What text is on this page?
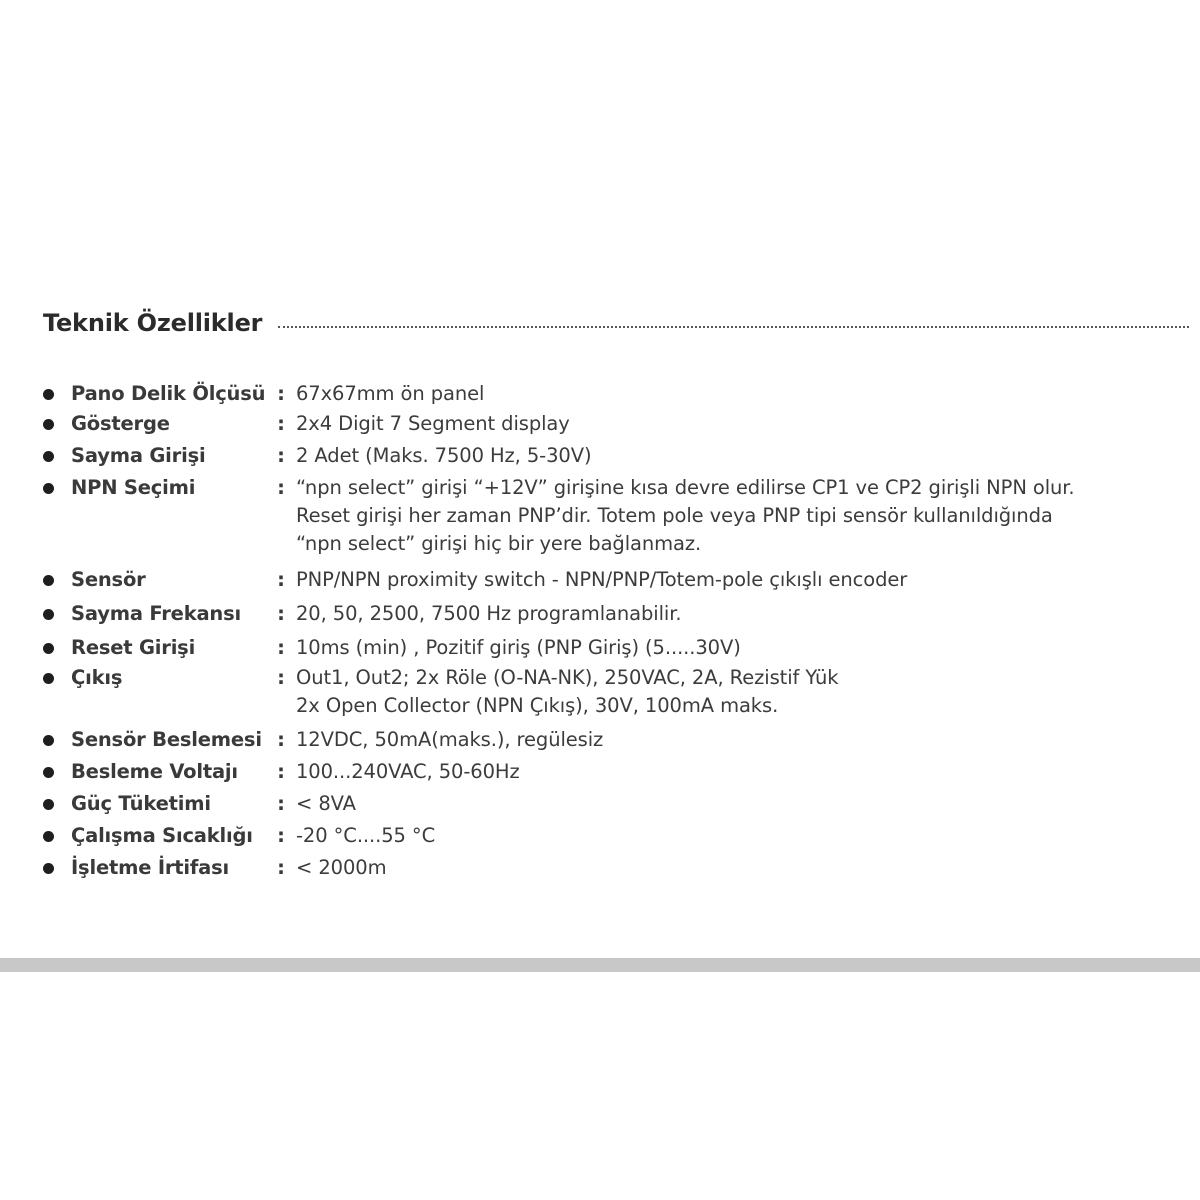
Teknik Özellikler
Pano Delik Ölçüsü : 67x67mm ön panel
Gösterge	: 2x4 Digit 7 Segment display
Sayma Girişi	: 2 Adet (Maks. 7500 Hz, 5-30V)
NPN Seçimi	: “npn select” girişi “+12V” girişine kısa devre edilirse CP1 ve CP2 girişli NPN olur.
Reset girişi her zaman PNP’dir. Totem pole veya PNP tipi sensör kullanıldığında
“npn select” girişi hiç bir yere bağlanmaz.
Sensör	: PNP/NPN proximity switch - NPN/PNP/Totem-pole çıkışlı encoder
Sayma Frekansı	: 20, 50, 2500, 7500 Hz programlanabilir.
Reset Girişi	: 10ms (min) , Pozitif giriş (PNP Giriş) (5.....30V)
Çıkış	: Out1, Out2; 2x Röle (O-NA-NK), 250VAC, 2A, Rezistif Yük
2x Open Collector (NPN Çıkış), 30V, 100mA maks.
Sensör Beslemesi : 12VDC, 50mA(maks.), regülesiz
Besleme Voltajı	: 100...240VAC, 50-60Hz
Güç Tüketimi	: < 8VA
Çalışma Sıcaklığı	: -20 °C....55 °C
İşletme İrtifası	: < 2000m
